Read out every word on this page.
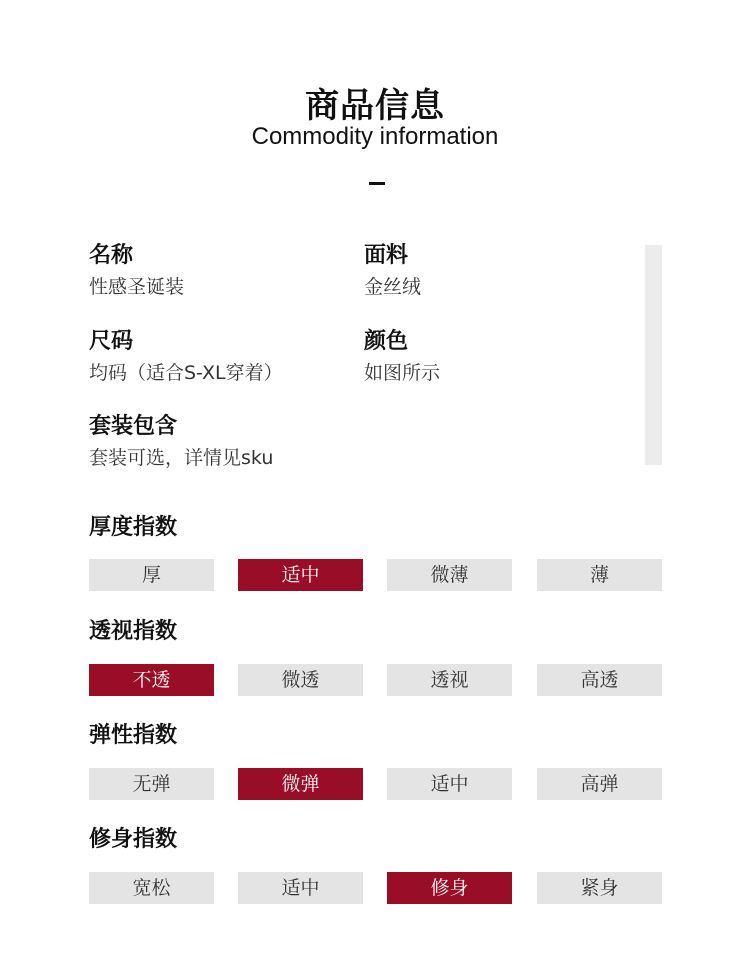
商品信息
Commodity information
名称
性感圣诞装
面料
金丝绒
尺码
均码（适合S-XL穿着）
颜色
如图所示
套装包含
套装可选，详情见sku
厚度指数
厚	适中	微薄	薄
透视指数
不透	微透	透视	高透
弹性指数
无弹	微弹	适中	高弹
修身指数
宽松	适中	修身	紧身
